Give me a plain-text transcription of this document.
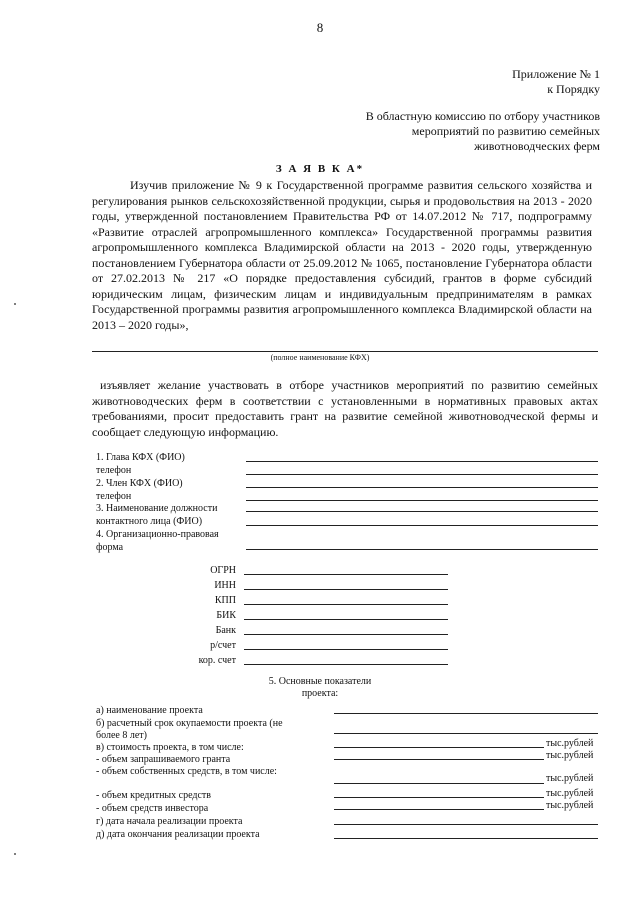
8
Приложение № 1
к Порядку
В областную комиссию по отбору участников
мероприятий по развитию семейных
животноводческих ферм
З А Я В К А*
Изучив приложение № 9 к Государственной программе развития сельского хозяйства и регулирования рынков сельскохозяйственной продукции, сырья и продовольствия на 2013 - 2020 годы, утвержденной постановлением Правительства РФ от 14.07.2012 № 717, подпрограмму «Развитие отраслей агропромышленного комплекса» Государственной программы развития агропромышленного комплекса Владимирской области на 2013 - 2020 годы, утвержденную постановлением Губернатора области от 25.09.2012 № 1065, постановление Губернатора области от 27.02.2013 № 217 «О порядке предоставления субсидий, грантов в форме субсидий юридическим лицам, физическим лицам и индивидуальным предпринимателям в рамках Государственной программы развития агропромышленного комплекса Владимирской области на 2013 – 2020 годы»,
(полное наименование КФХ)
изъявляет желание участвовать в отборе участников мероприятий по развитию семейных животноводческих ферм в соответствии с установленными в нормативных правовых актах требованиями, просит предоставить грант на развитие семейной животноводческой фермы и сообщает следующую информацию.
1. Глава КФХ (ФИО)
телефон
2. Член КФХ (ФИО)
телефон
3. Наименование должности
контактного лица (ФИО)
4. Организационно-правовая
форма
ОГРН
ИНН
КПП
БИК
Банк
р/счет
кор. счет
5. Основные показатели
проекта:
а) наименование проекта
б) расчетный срок окупаемости проекта (не
более 8 лет)
в) стоимость проекта, в том числе:	тыс.рублей
- объем запрашиваемого гранта	тыс.рублей
- объем собственных средств, в том числе:
тыс.рублей
- объем кредитных средств	тыс.рублей
- объем средств инвестора	тыс.рублей
г) дата начала реализации проекта
д) дата окончания реализации проекта
